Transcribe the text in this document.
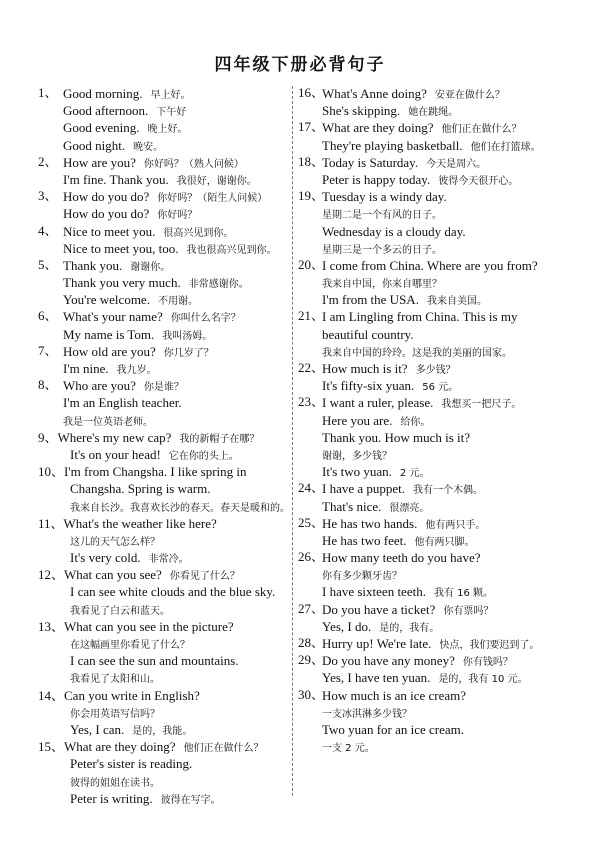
四年级下册必背句子
1、 Good morning. 早上好。
Good afternoon. 下午好
Good evening. 晚上好。
Good night. 晚安。
2、 How are you? 你好吗？（熟人问候）
I'm fine. Thank you. 我很好，谢谢你。
3、 How do you do? 你好吗？（陌生人问候）
How do you do? 你好吗？
4、 Nice to meet you. 很高兴见到你。
Nice to meet you, too. 我也很高兴见到你。
5、 Thank you. 谢谢你。
Thank you very much. 非常感谢你。
You're welcome. 不用谢。
6、 What's your name? 你叫什么名字？
My name is Tom. 我叫汤姆。
7、 How old are you? 你几岁了？
I'm nine. 我九岁。
8、 Who are you? 你是谁？
I'm an English teacher.
我是一位英语老师。
9、Where's my new cap? 我的新帽子在哪？
It's on your head! 它在你的头上。
10、I'm from Changsha. I like spring in
Changsha. Spring is warm.
我来自长沙。我喜欢长沙的春天。春天是暖和的。
11、What's the weather like here?
这儿的天气怎么样？
It's very cold. 非常冷。
12、What can you see? 你看见了什么？
I can see white clouds and the blue sky.
我看见了白云和蓝天。
13、What can you see in the picture?
在这幅画里你看见了什么？
I can see the sun and mountains.
我看见了太阳和山。
14、Can you write in English?
你会用英语写信吗？
Yes, I can. 是的，我能。
15、What are they doing? 他们正在做什么？
Peter's sister is reading.
彼得的姐姐在读书。
Peter is writing. 彼得在写字。
16、
What's Anne doing? 安亚在做什么？
She's skipping. 她在跳绳。
17、
What are they doing? 他们正在做什么？
They're playing basketball. 他们在打篮球。
18、
Today is Saturday. 今天是周六。
Peter is happy today. 彼得今天很开心。
19、
Tuesday is a windy day.
星期二是一个有风的日子。
Wednesday is a cloudy day.
星期三是一个多云的日子。
20、
I come from China. Where are you from?
我来自中国，你来自哪里？
I'm from the USA. 我来自美国。
21、
I am Lingling from China. This is my
beautiful country.
我来自中国的玲玲。这是我的美丽的国家。
22、
How much is it? 多少钱？
It's fifty-six yuan. 56 元。
23、
I want a ruler, please. 我想买一把尺子。
Here you are. 给你。
Thank you. How much is it?
谢谢，多少钱？
It's two yuan. 2 元。
24、
I have a puppet. 我有一个木偶。
That's nice. 很漂亮。
25、
He has two hands. 他有两只手。
He has two feet. 他有两只脚。
26、
How many teeth do you have?
你有多少颗牙齿？
I have sixteen teeth. 我有 16 颗。
27、
Do you have a ticket? 你有票吗？
Yes, I do. 是的，我有。
28、
Hurry up! We're late. 快点，我们要迟到了。
29、
Do you have any money? 你有钱吗？
Yes, I have ten yuan. 是的，我有 10 元。
30、
How much is an ice cream?
一支冰淇淋多少钱？
Two yuan for an ice cream.
一支 2 元。
